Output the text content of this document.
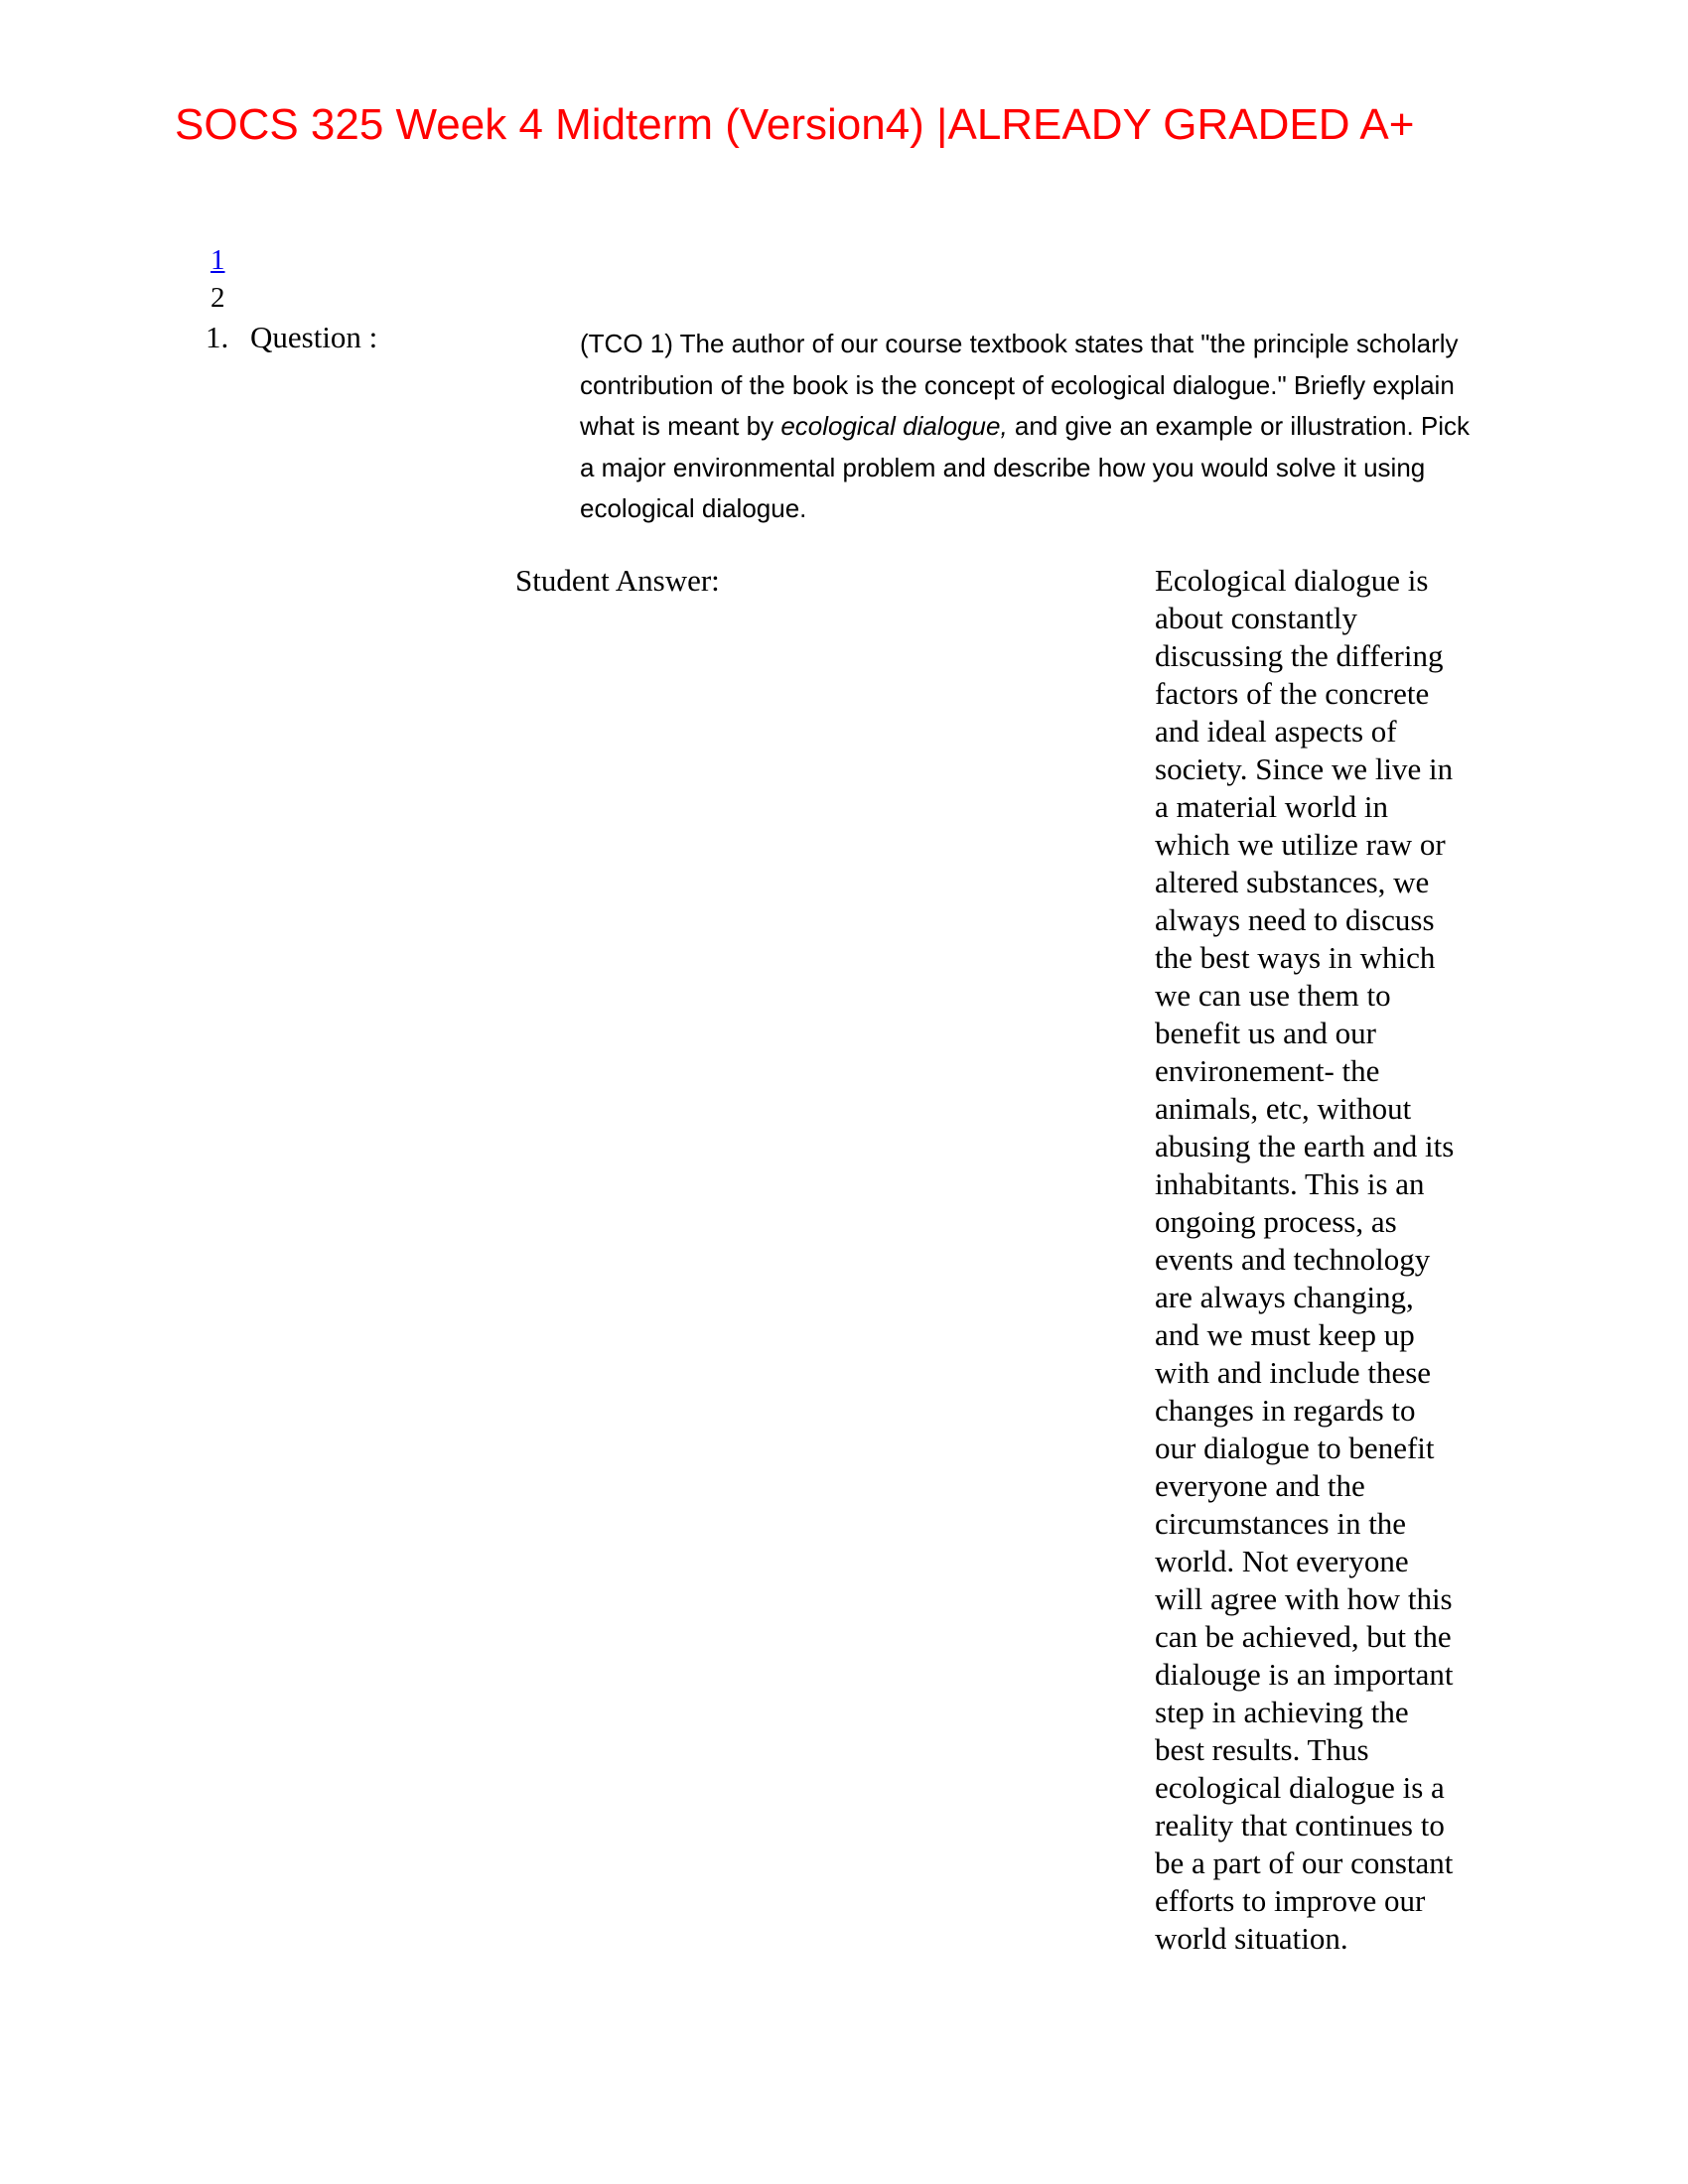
SOCS 325 Week 4 Midterm (Version4) |ALREADY GRADED A+
1
2
1. Question :	(TCO 1) The author of our course textbook states that "the principle scholarly contribution of the book is the concept of ecological dialogue." Briefly explain what is meant by ecological dialogue, and give an example or illustration. Pick a major environmental problem and describe how you would solve it using ecological dialogue.

Student Answer:	Ecological dialogue is
about constantly
discussing the differing
factors of the concrete
and ideal aspects of
society. Since we live in
a material world in
which we utilize raw or
altered substances, we
always need to discuss
the best ways in which
we can use them to
benefit us and our
environement- the
animals, etc, without
abusing the earth and its
inhabitants. This is an
ongoing process, as
events and technology
are always changing,
and we must keep up
with and include these
changes in regards to
our dialogue to benefit
everyone and the
circumstances in the
world. Not everyone
will agree with how this
can be achieved, but the
dialouge is an important
step in achieving the
best results. Thus
ecological dialogue is a
reality that continues to
be a part of our constant
efforts to improve our
world situation.
